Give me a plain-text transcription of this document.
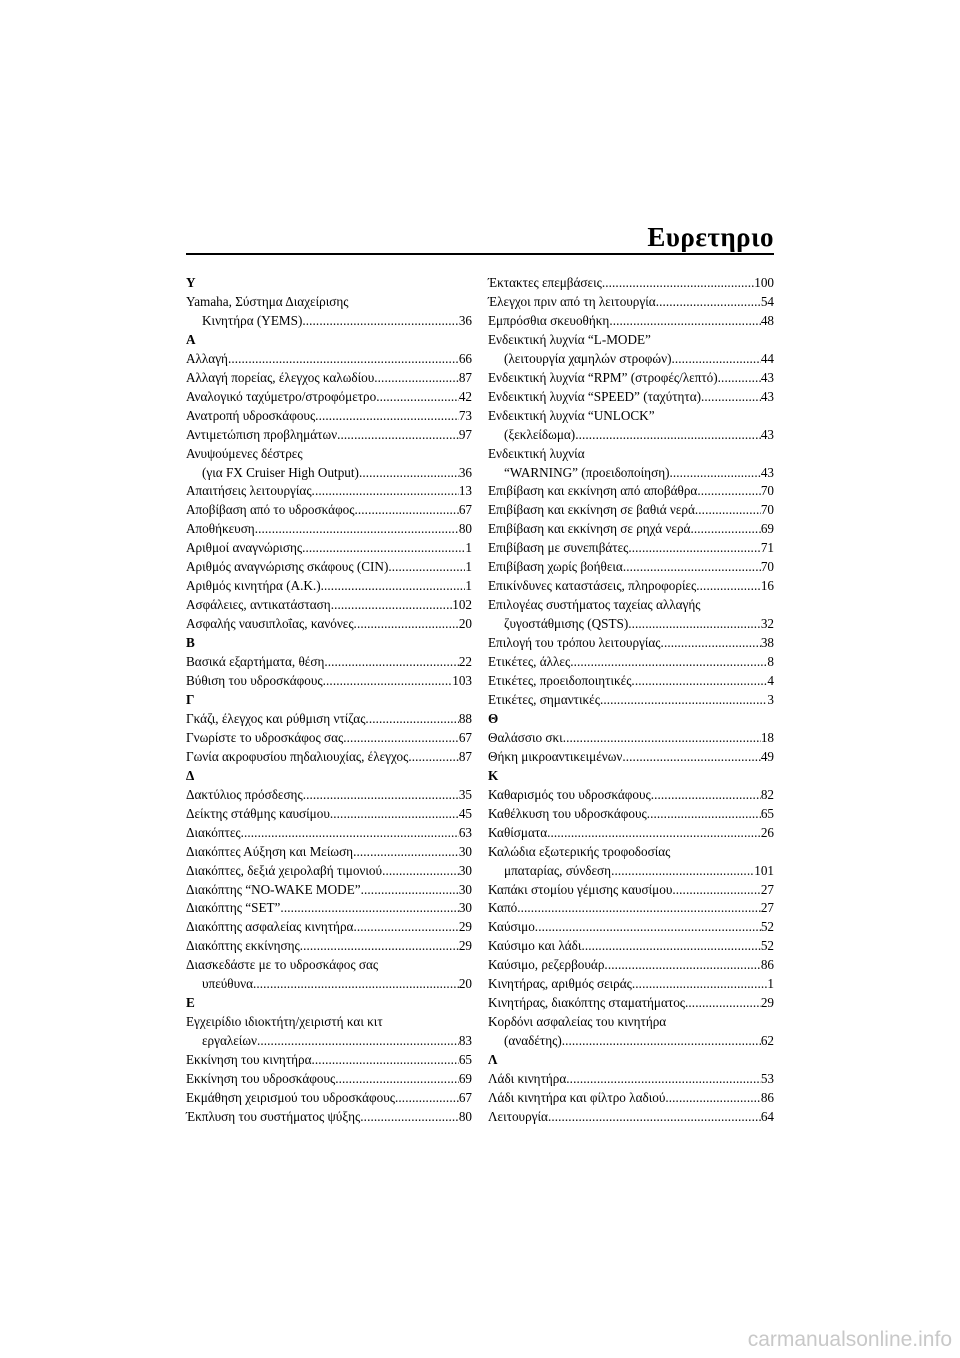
Ευρετηριο
Y
Yamaha, Σύστημα Διαχείρισης
Κινητήρα (YEMS) . . .	36
A
Αλλαγή . . .	66
Αλλαγή πορείας, έλεγχος καλωδίου . . .	87
Αναλογικό ταχύμετρο/στροφόμετρο . . .	42
Ανατροπή υδροσκάφους . . .	73
Αντιμετώπιση προβλημάτων . . .	97
Ανυψούμενες δέστρες
(για FX Cruiser High Output) . . .	36
Απαιτήσεις λειτουργίας . . .	13
Αποβίβαση από το υδροσκάφος . . .	67
Αποθήκευση . . .	80
Αριθμοί αναγνώρισης . . .	1
Αριθμός αναγνώρισης σκάφους (CIN) . . .	1
Αριθμός κινητήρα (Α.Κ.) . . .	1
Ασφάλειες, αντικατάσταση . . .	102
Ασφαλής ναυσιπλοΐας, κανόνες . . .	20
B
Βασικά εξαρτήματα, θέση . . .	22
Βύθιση του υδροσκάφους . . .	103
Γ
Γκάζι, έλεγχος και ρύθμιση ντίζας . . .	88
Γνωρίστε το υδροσκάφος σας . . .	67
Γωνία ακροφυσίου πηδαλιουχίας, έλεγχος . . .	87
Δ
Δακτύλιος πρόσδεσης . . .	35
Δείκτης στάθμης καυσίμου . . .	45
Διακόπτες . . .	63
Διακόπτες Αύξηση και Μείωση . . .	30
Διακόπτες, δεξιά χειρολαβή τιμονιού . . .	30
Διακόπτης “NO-WAKE MODE” . . .	30
Διακόπτης “SET” . . .	30
Διακόπτης ασφαλείας κινητήρα . . .	29
Διακόπτης εκκίνησης . . .	29
Διασκεδάστε με το υδροσκάφος σας
υπεύθυνα . . .	20
E
Εγχειρίδιο ιδιοκτήτη/χειριστή και κιτ
εργαλείων . . .	83
Εκκίνηση του κινητήρα . . .	65
Εκκίνηση του υδροσκάφους . . .	69
Εκμάθηση χειρισμού του υδροσκάφους . . .	67
Έκπλυση του συστήματος ψύξης . . .	80
Έκτακτες επεμβάσεις . . .	100
Έλεγχοι πριν από τη λειτουργία . . .	54
Εμπρόσθια σκευοθήκη . . .	48
Ενδεικτική λυχνία “L-MODE”
(λειτουργία χαμηλών στροφών) . . .	44
Ενδεικτική λυχνία “RPM” (στροφές/λεπτό) . . .	43
Ενδεικτική λυχνία “SPEED” (ταχύτητα) . . .	43
Ενδεικτική λυχνία “UNLOCK”
(ξεκλείδωμα) . . .	43
Ενδεικτική λυχνία
“WARNING” (προειδοποίηση) . . .	43
Επιβίβαση και εκκίνηση από αποβάθρα . . .	70
Επιβίβαση και εκκίνηση σε βαθιά νερά . . .	70
Επιβίβαση και εκκίνηση σε ρηχά νερά . . .	69
Επιβίβαση με συνεπιβάτες . . .	71
Επιβίβαση χωρίς βοήθεια . . .	70
Επικίνδυνες καταστάσεις, πληροφορίες . . .	16
Επιλογέας συστήματος ταχείας αλλαγής
ζυγοστάθμισης (QSTS) . . .	32
Επιλογή του τρόπου λειτουργίας . . .	38
Ετικέτες, άλλες . . .	8
Ετικέτες, προειδοποιητικές . . .	4
Ετικέτες, σημαντικές . . .	3
Θ
Θαλάσσιο σκι . . .	18
Θήκη μικροαντικειμένων . . .	49
K
Καθαρισμός του υδροσκάφους . . .	82
Καθέλκυση του υδροσκάφους . . .	65
Καθίσματα . . .	26
Καλώδια εξωτερικής τροφοδοσίας
μπαταρίας, σύνδεση . . .	101
Καπάκι στομίου γέμισης καυσίμου . . .	27
Καπό . . .	27
Καύσιμο . . .	52
Καύσιμο και λάδι . . .	52
Καύσιμο, ρεζερβουάρ . . .	86
Κινητήρας, αριθμός σειράς . . .	1
Κινητήρας, διακόπτης σταματήματος . . .	29
Κορδόνι ασφαλείας του κινητήρα
(αναδέτης) . . .	62
Λ
Λάδι κινητήρα . . .	53
Λάδι κινητήρα και φίλτρο λαδιού . . .	86
Λειτουργία . . .	64
carmanualsonline.info
